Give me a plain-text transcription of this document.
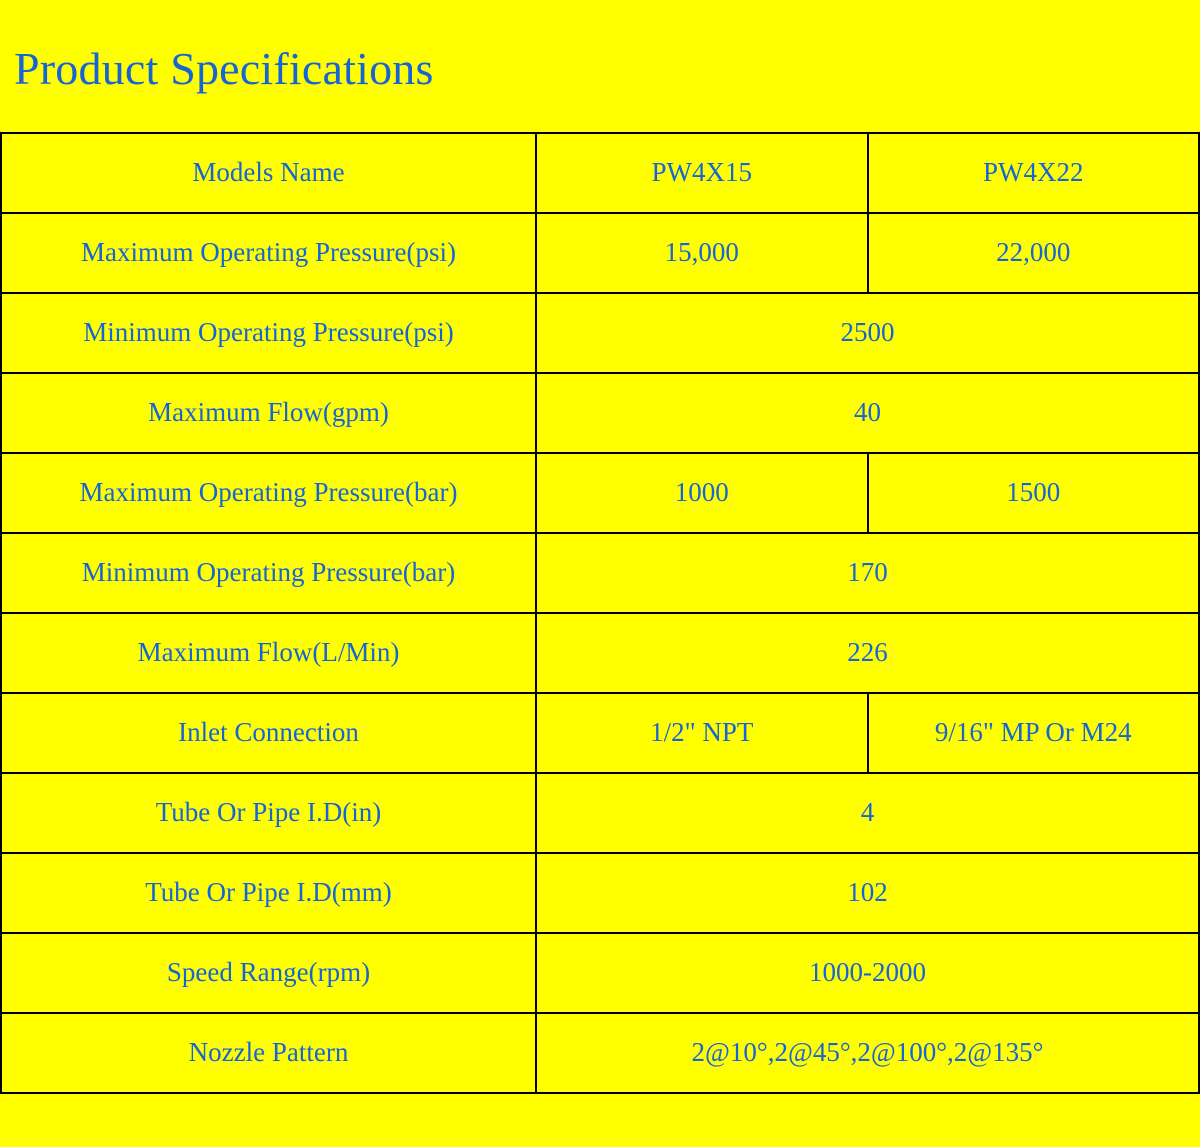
Product Specifications
Models Name	PW4X15	PW4X22
Maximum Operating Pressure(psi)	15,000	22,000
Minimum Operating Pressure(psi)	2500	
Maximum Flow(gpm)	40	
Maximum Operating Pressure(bar)	1000	1500
Minimum Operating Pressure(bar)	170	
Maximum Flow(L/Min)	226	
Inlet Connection	1/2" NPT	9/16" MP Or M24
Tube Or Pipe I.D(in)	4	
Tube Or Pipe I.D(mm)	102	
Speed Range(rpm)	1000-2000	
Nozzle Pattern	2@10°,2@45°,2@100°,2@135°	
